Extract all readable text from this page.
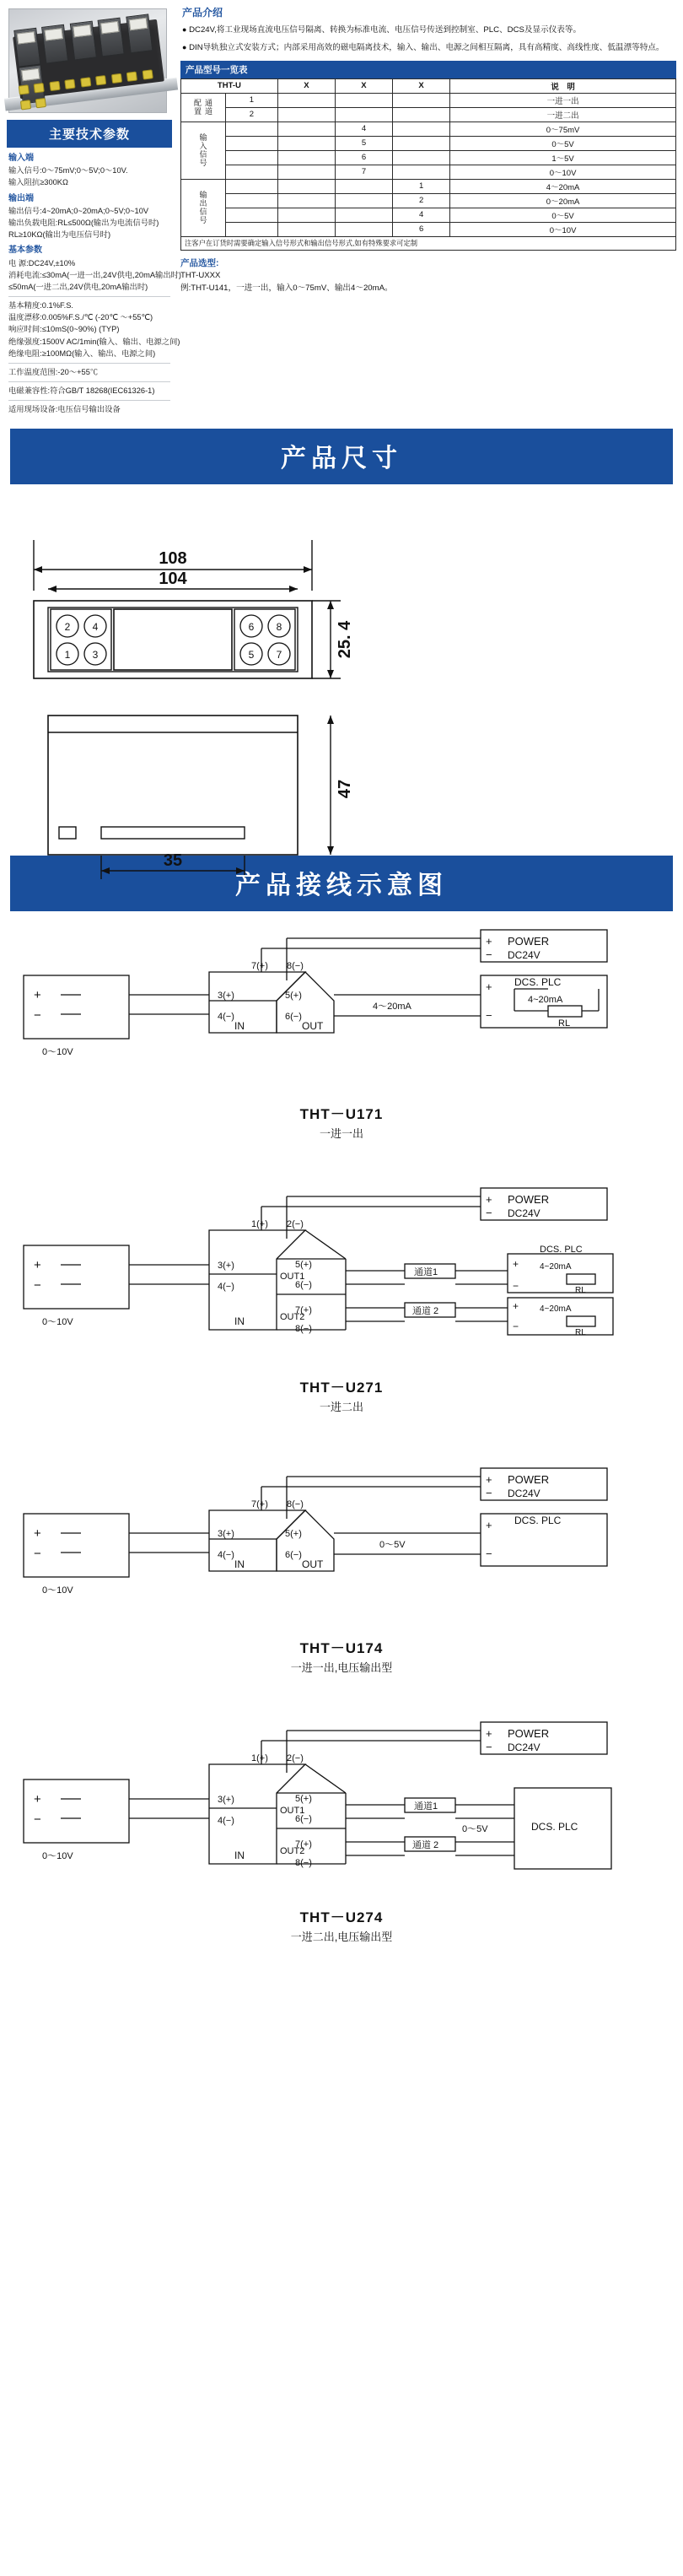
主要技术参数
输入端
输入信号:0～75mV;0～5V;0～10V.
输入阻抗≥300KΩ
输出端
输出信号:4~20mA;0~20mA;0~5V;0~10V
输出负载电阻:RL≤500Ω(输出为电流信号时)
RL≥10KΩ(输出为电压信号时)
基本参数
电 源:DC24V,±10%
消耗电流:≤30mA(一进一出,24V供电,20mA输出时)
≤50mA(一进二出,24V供电,20mA输出时)
基本精度:0.1%F.S.
温度漂移:0.005%F.S./℃ (-20℃ ～+55℃)
响应时间:≤10mS(0~90%) (TYP)
绝缘强度:1500V AC/1min(输入、输出、电源之间)
绝缘电阻:≥100MΩ(输入、输出、电源之间)
工作温度范围:-20～+55℃
电磁兼容性:符合GB/T 18268(IEC61326-1)
适用现场设备:电压信号输出设备
产品介绍
● DC24V,将工业现场直流电压信号隔离、转换为标准电流、电压信号传送到控制室、PLC、DCS及显示仪表等。
● DIN导轨独立式安装方式；内部采用高效的磁电隔离技术，输入、输出、电源之间相互隔离，具有高精度、高线性度、低温漂等特点。
产品型号一览表
THT-U		X	X	X	说　明
通道配置	1				一进一出
	2				一进二出
输入信号			4		0～75mV
			5		0～5V
			6		1～5V
			7		0～10V
输出信号				1	4～20mA
				2	0～20mA
				4	0～5V
				6	0～10V
注客户在订货时需要确定输入信号形式和输出信号形式,如有特殊要求可定制
产品选型:
THT-UXXX
例:THT-U141，一进一出，输入0～75mV、输出4～20mA。
产品尺寸
2 4
1 3
6 8
5 7
108
104
35
25. 4
47
产品接线示意图
+
−
0～10V
3(+)
4(−)
7(+) 8(−)
5(+)
6(−)
IN	OUT
+
−
POWER
DC24V
+
−
DCS. PLC
4~20mA
RL
4～20mA
THT－U171
一进一出
+
−
0～10V
3(+)
4(−)
1(+) 2(−)
5(+)
6(−)
7(+)
8(−)
IN
OUT1
OUT2
通道1
通道 2
+
−
POWER
DC24V
+
−
DCS. PLC
4~20mA
RL
+
−
4~20mA
RL
THT－U271
一进二出
+
−
0～10V
3(+)
4(−)
7(+) 8(−)
5(+)
6(−)
IN	OUT
+
−
POWER
DC24V
+
−
DCS. PLC
0～5V
THT－U174
一进一出,电压输出型
+
−
0～10V
3(+)
4(−)
1(+) 2(−)
5(+)
6(−)
7(+)
8(−)
IN
OUT1
OUT2
通道1
通道 2
+
−
POWER
DC24V
0～5V	DCS. PLC
THT－U274
一进二出,电压输出型
